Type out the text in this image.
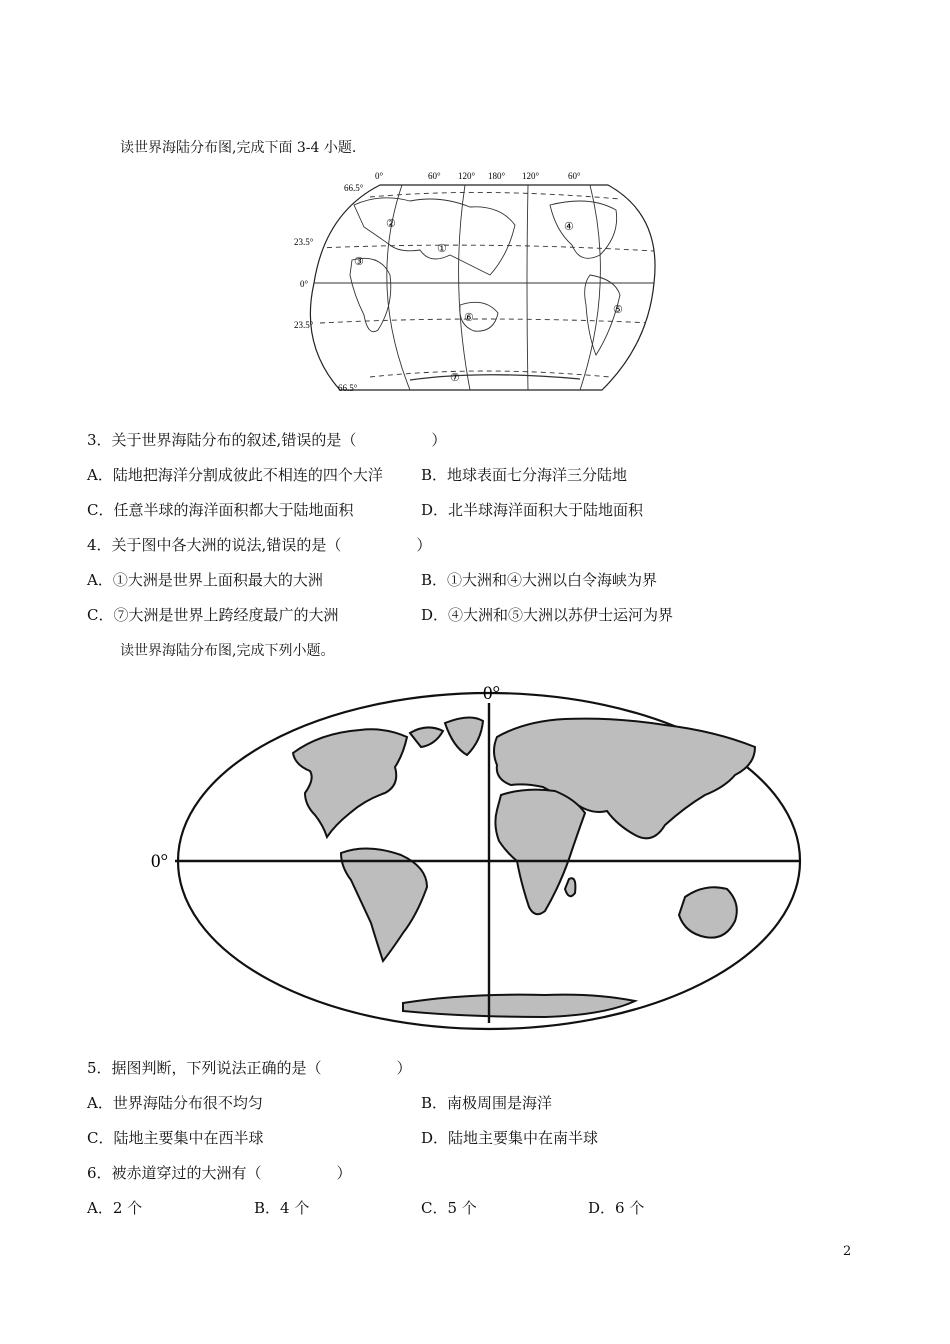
读世界海陆分布图,完成下面 3-4 小题.
0°	60° 120° 180° 120°	60°
66.5°
23.5°
0°
23.5°
66.5°
①
②
③
④
⑤
⑥
⑦
3．关于世界海陆分布的叙述,错误的是（　　　　　）
A．陆地把海洋分割成彼此不相连的四个大洋	B．地球表面七分海洋三分陆地
C．任意半球的海洋面积都大于陆地面积	D．北半球海洋面积大于陆地面积
4．关于图中各大洲的说法,错误的是（　　　　　）
A．①大洲是世界上面积最大的大洲	B．①大洲和④大洲以白令海峡为界
C．⑦大洲是世界上跨经度最广的大洲	D．④大洲和⑤大洲以苏伊士运河为界
读世界海陆分布图,完成下列小题。
0°
0°
5．据图判断，下列说法正确的是（　　　　　）
A．世界海陆分布很不均匀	B．南极周围是海洋
C．陆地主要集中在西半球	D．陆地主要集中在南半球
6．被赤道穿过的大洲有（　　　　　）
A．2 个	B．4 个	C．5 个	D．6 个
2
